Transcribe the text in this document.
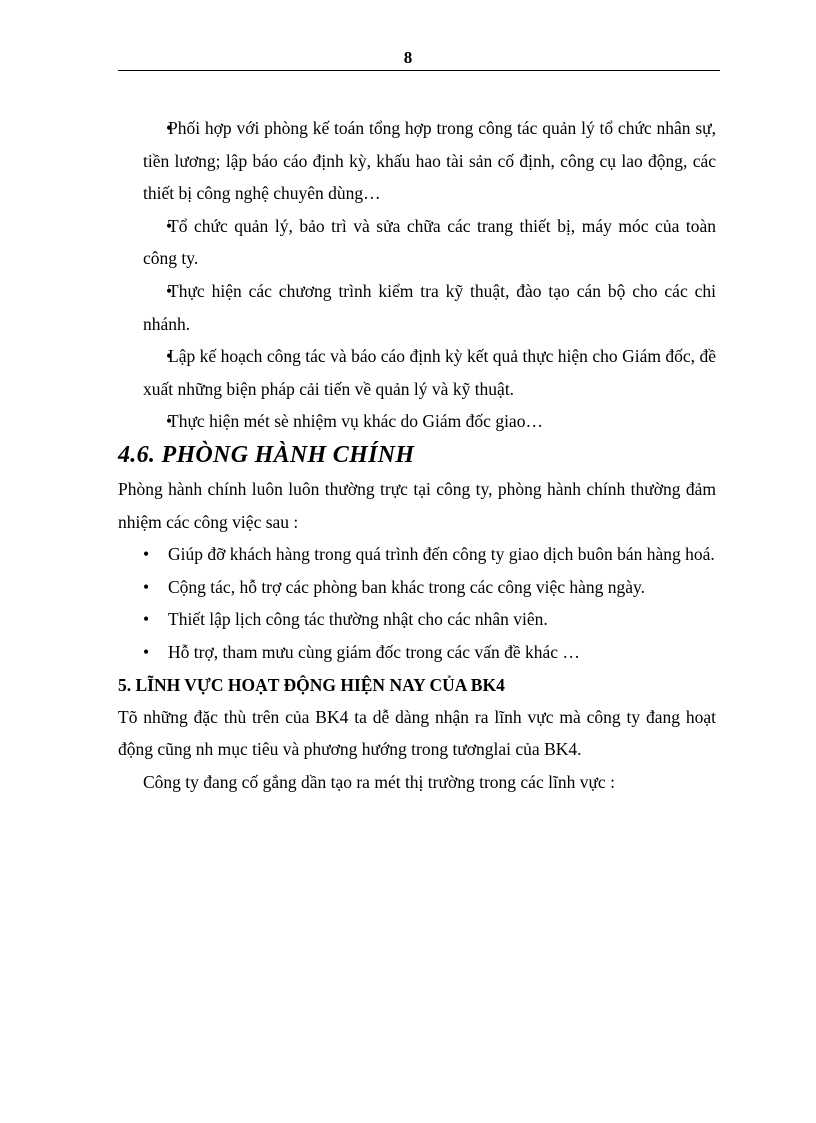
8
• Phối hợp với phòng kế toán tổng hợp trong công tác quản lý tổ chức nhân sự, tiền lương; lập báo cáo định kỳ, khấu hao tài sản cố định, công cụ lao động, các thiết bị công nghệ chuyên dùng…
• Tổ chức quản lý, bảo trì và sửa chữa các trang thiết bị, máy móc của toàn công ty.
• Thực hiện các chương trình kiểm tra kỹ thuật, đào tạo cán bộ cho các chi nhánh.
• Lập kế hoạch công tác và báo cáo định kỳ kết quả thực hiện cho Giám đốc, đề xuất những biện pháp cải tiến về quản lý và kỹ thuật.
• Thực hiện mét sè nhiệm vụ khác do Giám đốc giao…
4.6. PHÒNG HÀNH CHÍNH

Phòng hành chính luôn luôn thường trực tại công ty, phòng hành chính thường đảm nhiệm các công việc sau :

• Giúp đỡ khách hàng trong quá trình đến công ty giao dịch buôn bán hàng hoá.
• Cộng tác, hỗ trợ các phòng ban khác trong các công việc hàng ngày.
• Thiết lập lịch công tác thường nhật cho các nhân viên.
• Hỗ trợ, tham mưu cùng giám đốc trong các vấn đề khác …
5. LĨNH VỰC HOẠT ĐỘNG HIỆN NAY CỦA BK4

Tõ những đặc thù trên của BK4 ta dễ dàng nhận ra lĩnh vực mà công ty đang hoạt động cũng nh mục tiêu và phương hướng trong tươnglai của BK4.

Công ty đang cố gắng dần tạo ra mét thị trường trong các lĩnh vực :
